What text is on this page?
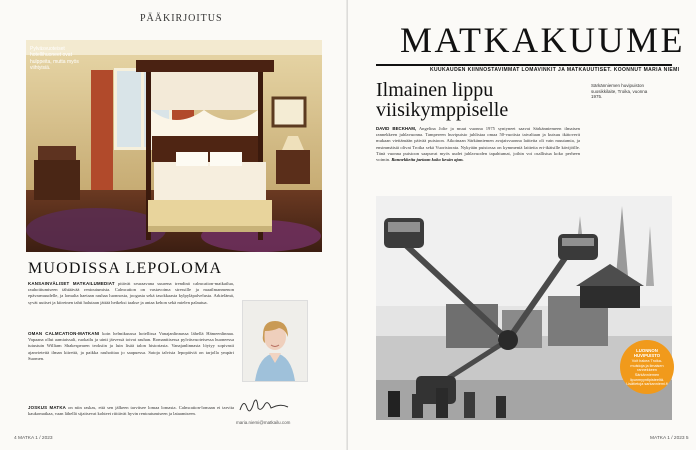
PÄÄKIRJOITUS
Pylväsvuoteiset hotellihuoneet ovat hulppeita, mutta myös viihtyisiä.
MUODISSA LEPOLOMA
KANSAINVÄLISET MATKAILUMEDIAT pitävät seuraavana suurena trendinä calmcation-matkailua, rauhoittumiseen tähtäävää rentoutumista. Calmcation on vastavoima stressille ja maailmanmenon epävarmuudelle, ja lomalta haetaan rauhaa luonnosta, joogasta sekä tasokkaasta kylpyläpalvelusta. Arkielämä, syvät uutiset ja kiireinen tahti halutaan jättää hetkeksi taakse ja antaa kehon sekä mielen palautua.
OMAN CALMCATION-MATKANI koin helmikuussa hotellissa Vanajanlinnassa lähellä Hämeenlinnaa. Vapaana ollut aamiaissali, ruokailu ja uinti järvessä toivat rauhan. Romanttisessa pylväsvuoteisessa huoneessa tutustuin William Shakespearen teoksiin ja luin lisää talon historiasta. Vanajanlinnasta löytyy sopivasti ajanvietettä ilman kiirettä, ja paikka rauhoittaa jo saapuessa. Satoja talvisia lepopäiviä on tarjolla ympäri Suomen.
JOSKUS MATKA on niin raskas, että sen jälkeen tarvitsee lomaa lomasta. Calmcation-lomaan ei tarvita kaukomatkaa, vaan lähellä sijaitsevat kohteet riittävät hyvin rentoutumiseen ja lataamiseen.
maria.niemi@matkailu.com
4 MATKA 1 / 2023
MATKAKUUME
KUUKAUDEN KIINNOSTAVIMMAT LOMAVINKIT JA MATKAUUTISET. KOONNUT MARIA NIEMI
Ilmainen lippu viisikymppiselle
Särkänniemen huvipuiston suosikkilaite, Troika, vuonna 1975.
DAVID BECKHAM, Angelina Jolie ja muut vuonna 1975 syntyneet saavat Särkänniemeen ilmaisen rannekkeen juhlavuonna. Tampereen huvipuisto juhlistaa omaa 50-vuotista taivaltaan ja kutsuu ikätoverit mukaan viettämään päivää puistoon. Aikoinaan Särkänniemen avajaisvuonna laitteita oli vain muutamia, ja ensimmäisiä olivat Troika sekä Vuoristorata. Nykyään puistossa on kymmeniä laitteita eri-ikäisille kävijöille. Tänä vuonna puistoon saapuvat myös uudet juhlavuoden tapahtumat, joihin voi osallistua koko perheen voimin. Rannekkeita jaetaan koko kesän ajan.
LUONNON HUVIPUISTO
Voit hakea Troika-muistoja ja ilmaisen rannekkeen Särkänniemen lipunmyyntipisteeltä. Lisätietoja sarkanniemi.fi
MATKA 1 / 2023 5
